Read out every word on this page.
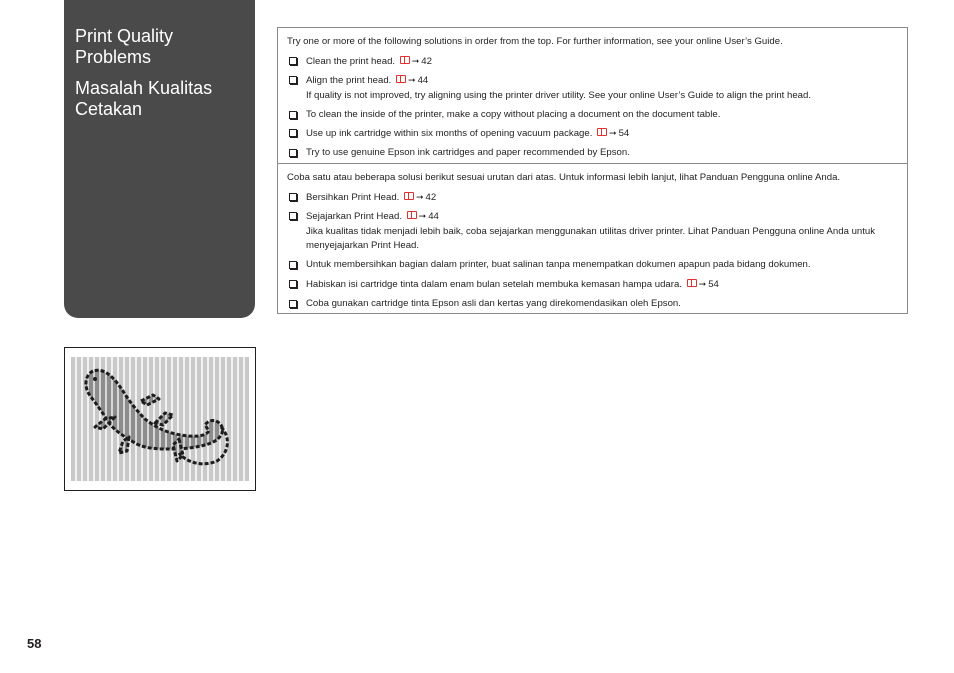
Print Quality Problems
Masalah Kualitas Cetakan

Try one or more of the following solutions in order from the top. For further information, see your online User’s Guide.

Clean the print head. ➞ 42
Align the print head. ➞ 44
If quality is not improved, try aligning using the printer driver utility. See your online User’s Guide to align the print head.
To clean the inside of the printer, make a copy without placing a document on the document table.
Use up ink cartridge within six months of opening vacuum package. ➞ 54
Try to use genuine Epson ink cartridges and paper recommended by Epson.

Coba satu atau beberapa solusi berikut sesuai urutan dari atas. Untuk informasi lebih lanjut, lihat Panduan Pengguna online Anda.

Bersihkan Print Head. ➞ 42
Sejajarkan Print Head. ➞ 44
Jika kualitas tidak menjadi lebih baik, coba sejajarkan menggunakan utilitas driver printer. Lihat Panduan Pengguna online Anda untuk menyejajarkan Print Head.
Untuk membersihkan bagian dalam printer, buat salinan tanpa menempatkan dokumen apapun pada bidang dokumen.
Habiskan isi cartridge tinta dalam enam bulan setelah membuka kemasan hampa udara. ➞ 54
Coba gunakan cartridge tinta Epson asli dan kertas yang direkomendasikan oleh Epson.
58
